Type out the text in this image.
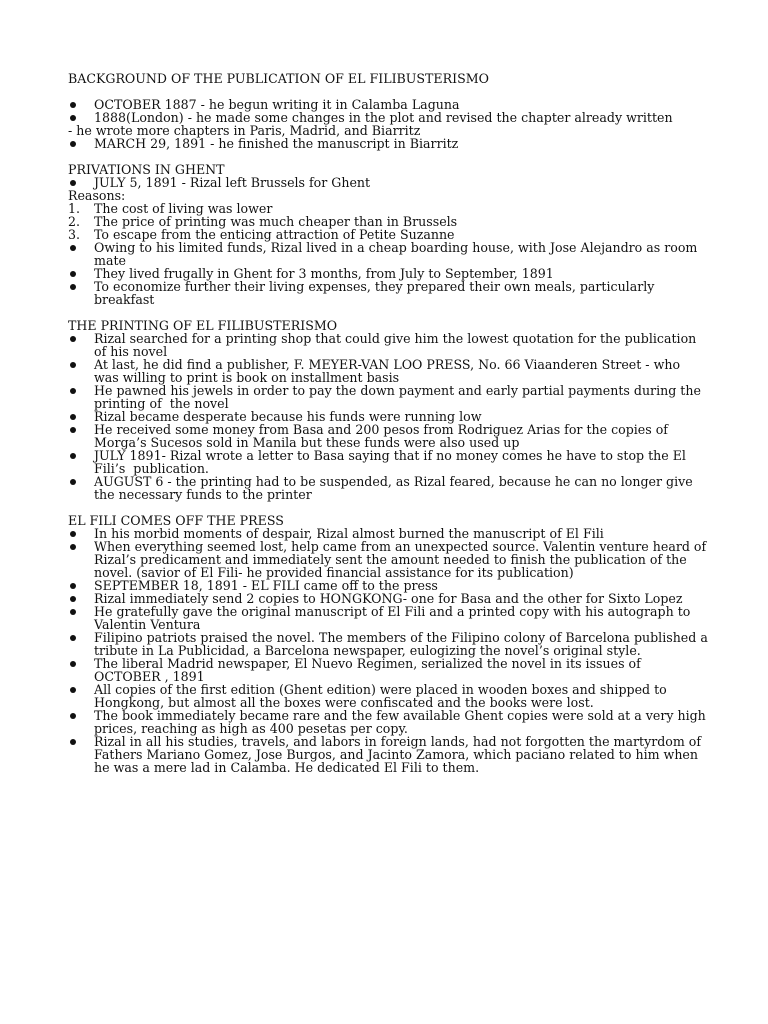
BACKGROUND OF THE PUBLICATION OF EL FILIBUSTERISMO
OCTOBER 1887 - he begun writing it in Calamba Laguna
1888(London) - he made some changes in the plot and revised the chapter already written
- he wrote more chapters in Paris, Madrid, and Biarritz
MARCH 29, 1891 - he finished the manuscript in Biarritz
PRIVATIONS IN GHENT
JULY 5, 1891 - Rizal left Brussels for Ghent
Reasons:
1.	The cost of living was lower
2.	The price of printing was much cheaper than in Brussels
3.	To escape from the enticing attraction of Petite Suzanne
Owing to his limited funds, Rizal lived in a cheap boarding house, with Jose Alejandro as room mate
They lived frugally in Ghent for 3 months, from July to September, 1891
To economize further their living expenses, they prepared their own meals, particularly breakfast
THE PRINTING OF EL FILIBUSTERISMO
Rizal searched for a printing shop that could give him the lowest quotation for the publication of his novel
At last, he did find a publisher, F. MEYER-VAN LOO PRESS, No. 66 Viaanderen Street - who was willing to print is book on installment basis
He pawned his jewels in order to pay the down payment and early partial payments during the printing of  the novel
Rizal became desperate because his funds were running low
He received some money from Basa and 200 pesos from Rodriguez Arias for the copies of Morga’s Sucesos sold in Manila but these funds were also used up
JULY 1891- Rizal wrote a letter to Basa saying that if no money comes he have to stop the El Fili’s  publication.
AUGUST 6 - the printing had to be suspended, as Rizal feared, because he can no longer give the necessary funds to the printer
EL FILI COMES OFF THE PRESS
In his morbid moments of despair, Rizal almost burned the manuscript of El Fili
When everything seemed lost, help came from an unexpected source. Valentin venture heard of Rizal’s predicament and immediately sent the amount needed to finish the publication of the novel. (savior of El Fili- he provided financial assistance for its publication)
SEPTEMBER 18, 1891 - EL FILI came off to the press
Rizal immediately send 2 copies to HONGKONG- one for Basa and the other for Sixto Lopez
He gratefully gave the original manuscript of El Fili and a printed copy with his autograph to Valentin Ventura
Filipino patriots praised the novel. The members of the Filipino colony of Barcelona published a tribute in La Publicidad, a Barcelona newspaper, eulogizing the novel’s original style.
The liberal Madrid newspaper, El Nuevo Regimen, serialized the novel in its issues of OCTOBER , 1891
All copies of the first edition (Ghent edition) were placed in wooden boxes and shipped to Hongkong, but almost all the boxes were confiscated and the books were lost.
The book immediately became rare and the few available Ghent copies were sold at a very high prices, reaching as high as 400 pesetas per copy.
Rizal in all his studies, travels, and labors in foreign lands, had not forgotten the martyrdom of Fathers Mariano Gomez, Jose Burgos, and Jacinto Zamora, which paciano related to him when he was a mere lad in Calamba. He dedicated El Fili to them.
